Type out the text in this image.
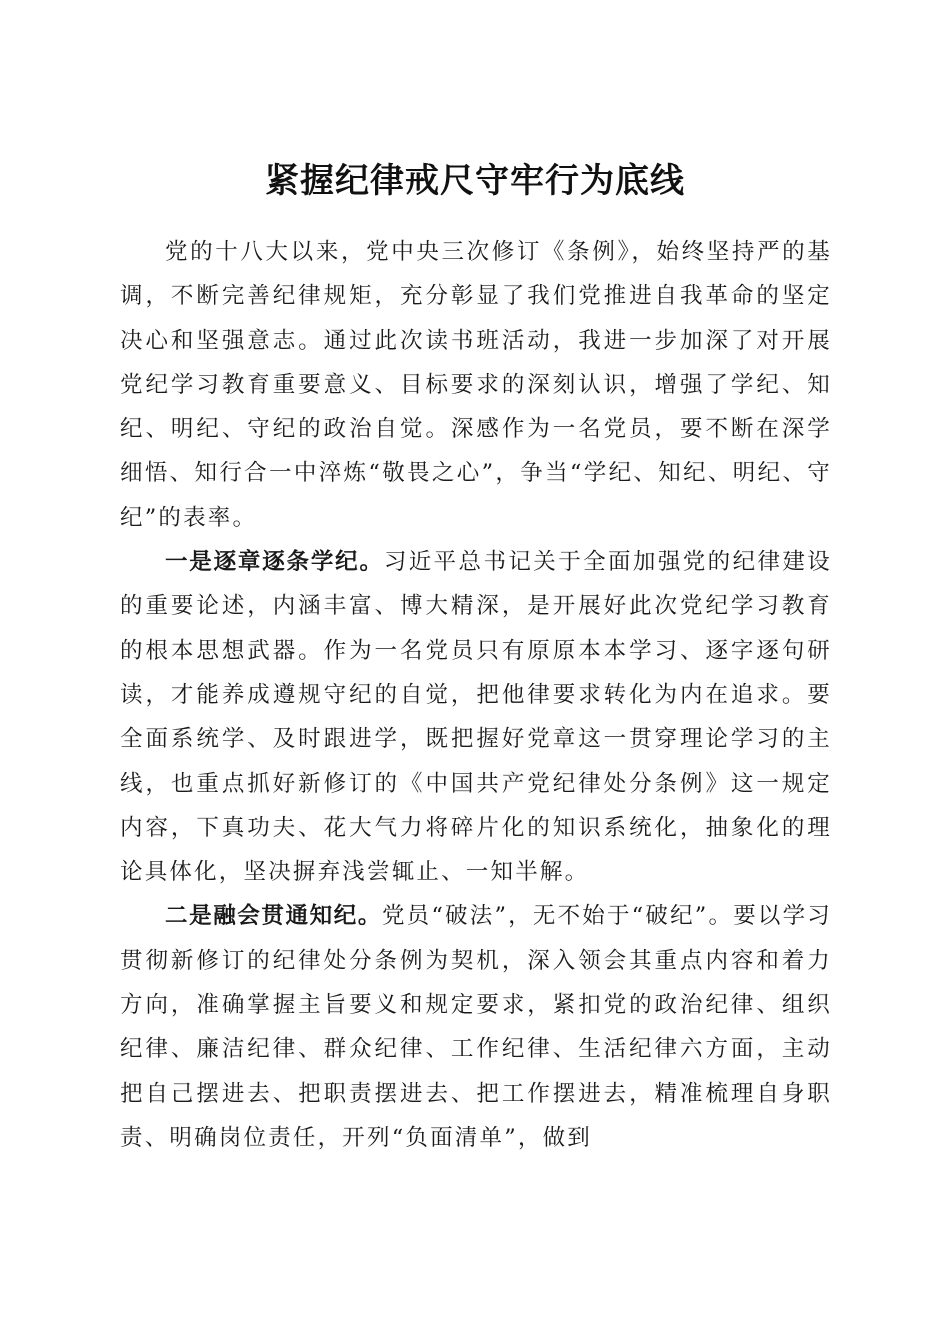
紧握纪律戒尺守牢行为底线

党的十八大以来，党中央三次修订《条例》，始终坚持严的基调，不断完善纪律规矩，充分彰显了我们党推进自我革命的坚定决心和坚强意志。通过此次读书班活动，我进一步加深了对开展党纪学习教育重要意义、目标要求的深刻认识，增强了学纪、知纪、明纪、守纪的政治自觉。深感作为一名党员，要不断在深学细悟、知行合一中淬炼“敬畏之心”，争当“学纪、知纪、明纪、守纪”的表率。

一是逐章逐条学纪。习近平总书记关于全面加强党的纪律建设的重要论述，内涵丰富、博大精深，是开展好此次党纪学习教育的根本思想武器。作为一名党员只有原原本本学习、逐字逐句研读，才能养成遵规守纪的自觉，把他律要求转化为内在追求。要全面系统学、及时跟进学，既把握好党章这一贯穿理论学习的主线，也重点抓好新修订的《中国共产党纪律处分条例》这一规定内容，下真功夫、花大气力将碎片化的知识系统化，抽象化的理论具体化，坚决摒弃浅尝辄止、一知半解。

二是融会贯通知纪。党员“破法”，无不始于“破纪”。要以学习贯彻新修订的纪律处分条例为契机，深入领会其重点内容和着力方向，准确掌握主旨要义和规定要求，紧扣党的政治纪律、组织纪律、廉洁纪律、群众纪律、工作纪律、生活纪律六方面，主动把自己摆进去、把职责摆进去、把工作摆进去，精准梳理自身职责、明确岗位责任，开列“负面清单”，做到
